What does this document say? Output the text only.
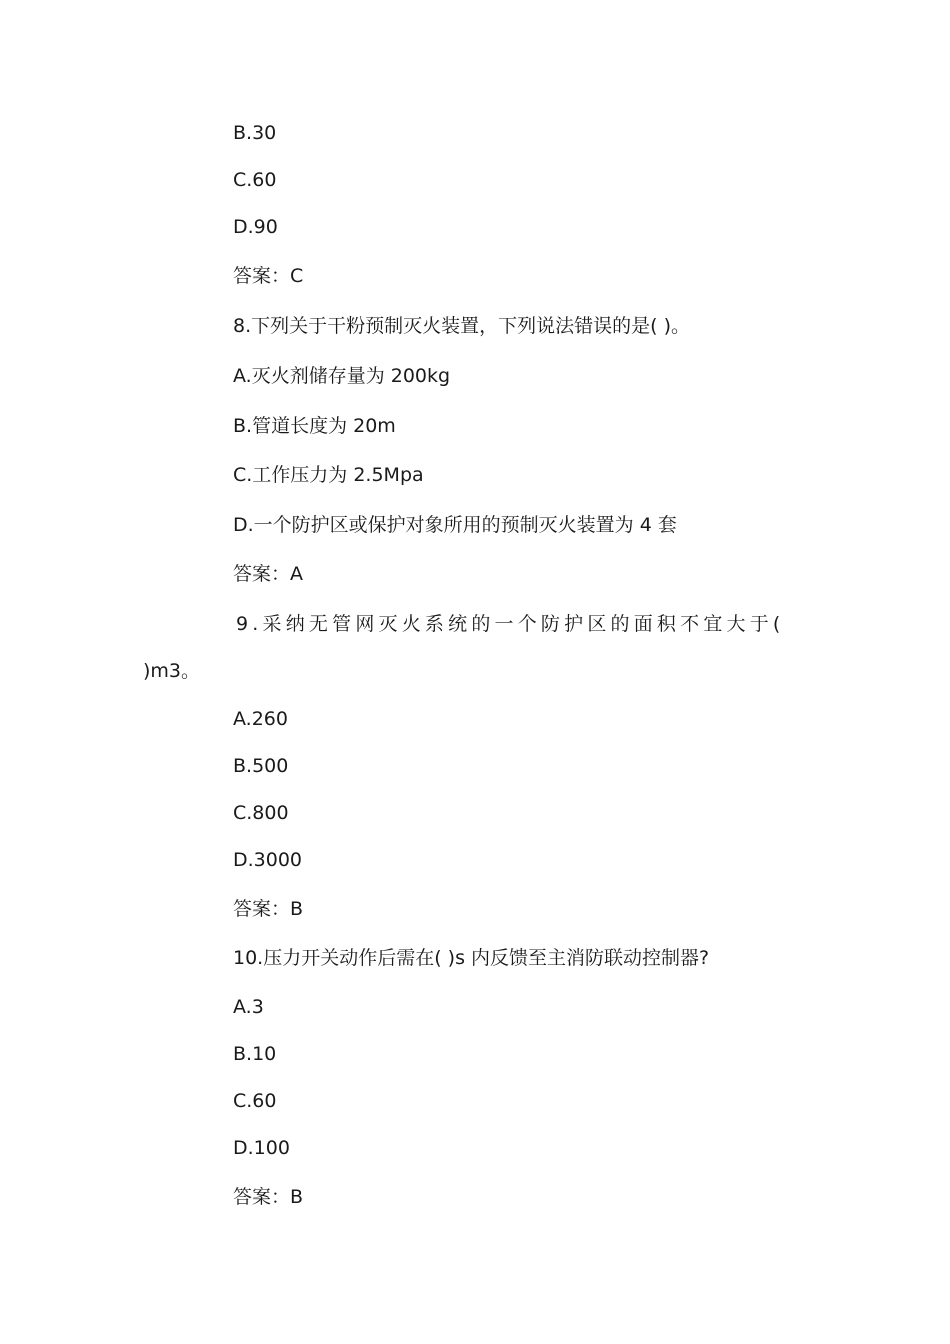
B.30
C.60
D.90
答案：C
8.下列关于干粉预制灭火装置，下列说法错误的是( )。
A.灭火剂储存量为 200kg
B.管道长度为 20m
C.工作压力为 2.5Mpa
D.一个防护区或保护对象所用的预制灭火装置为 4 套
答案：A
9.采纳无管网灭火系统的一个防护区的面积不宜大于(
)m3。
A.260
B.500
C.800
D.3000
答案：B
10.压力开关动作后需在( )s 内反馈至主消防联动控制器?
A.3
B.10
C.60
D.100
答案：B
